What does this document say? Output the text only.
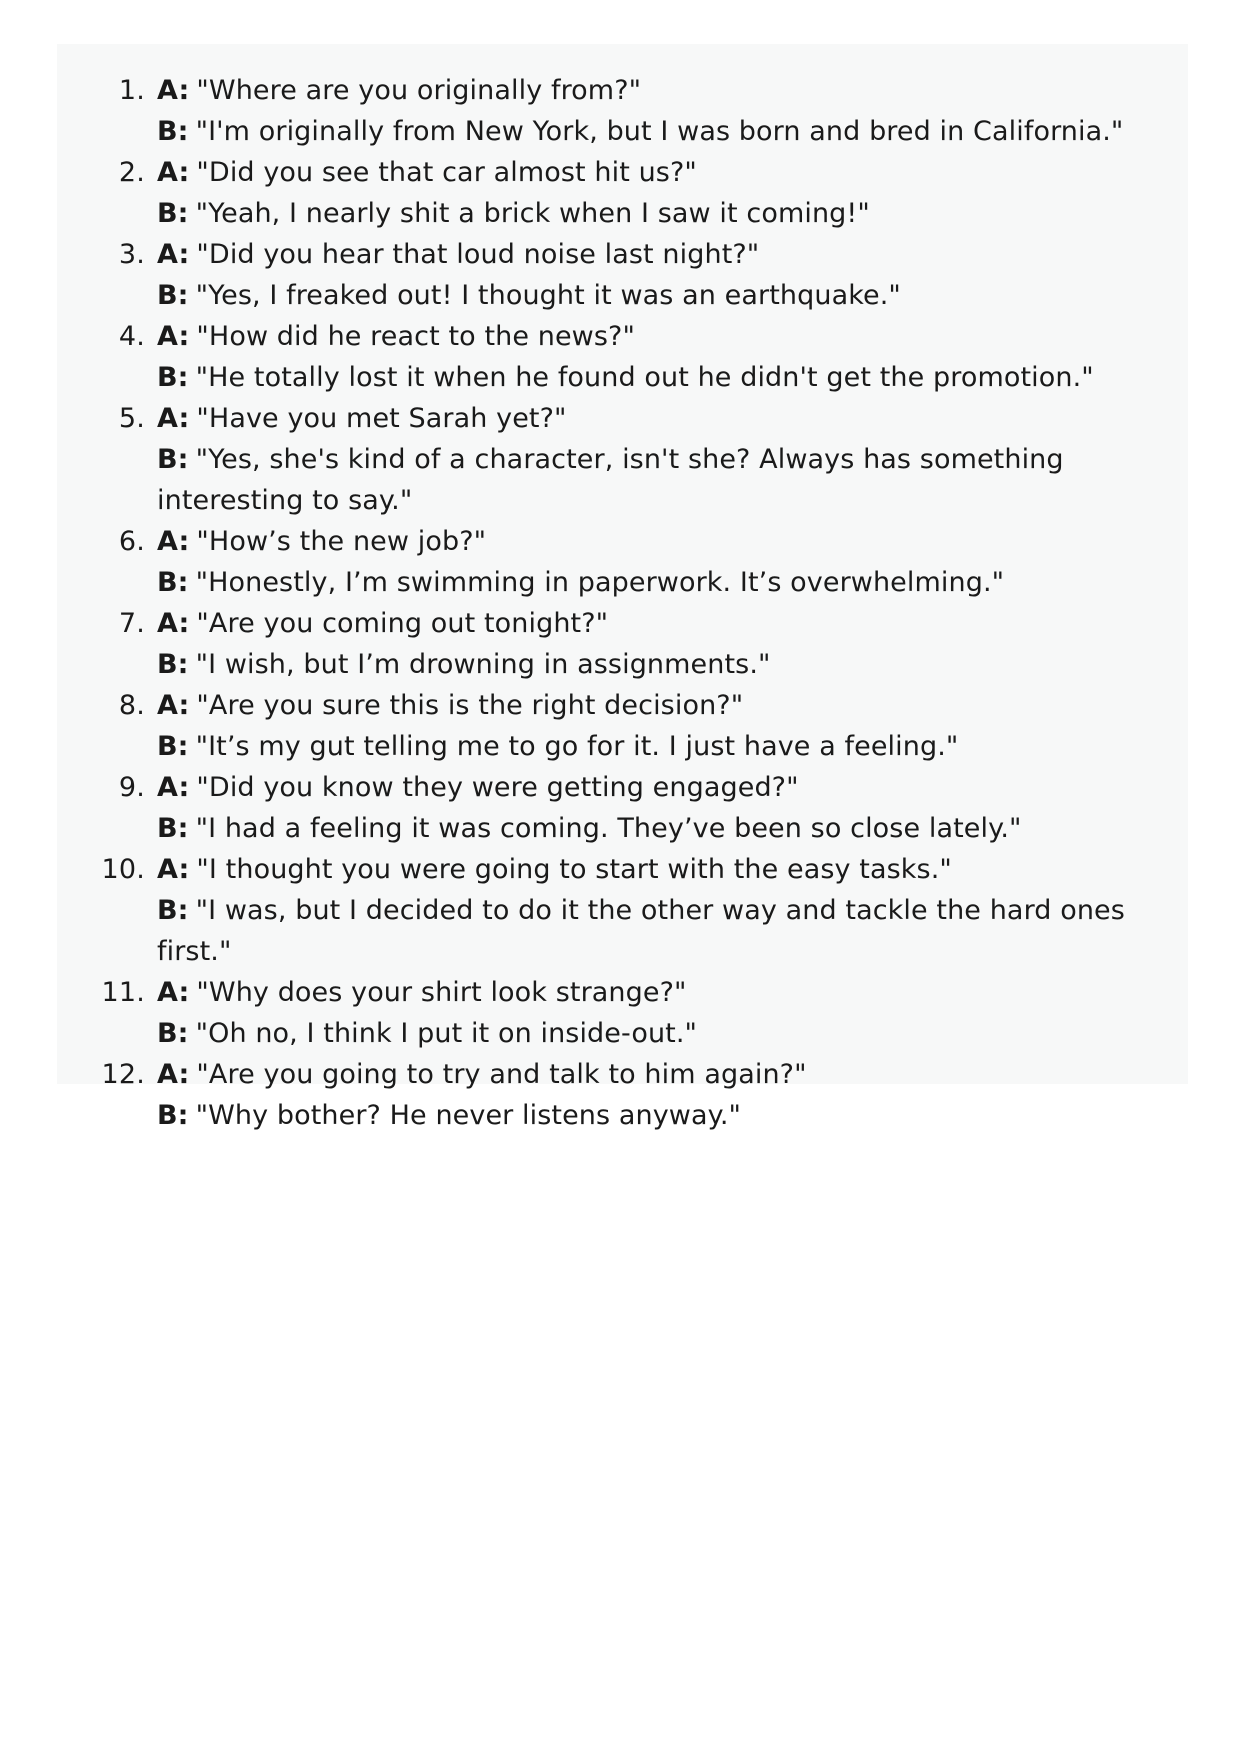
1. A: "Where are you originally from?"
B: "I'm originally from New York, but I was born and bred in California."
2. A: "Did you see that car almost hit us?"
B: "Yeah, I nearly shit a brick when I saw it coming!"
3. A: "Did you hear that loud noise last night?"
B: "Yes, I freaked out! I thought it was an earthquake."
4. A: "How did he react to the news?"
B: "He totally lost it when he found out he didn't get the promotion."
5. A: "Have you met Sarah yet?"
B: "Yes, she's kind of a character, isn't she? Always has something interesting to say."
6. A: "How’s the new job?"
B: "Honestly, I’m swimming in paperwork. It’s overwhelming."
7. A: "Are you coming out tonight?"
B: "I wish, but I’m drowning in assignments."
8. A: "Are you sure this is the right decision?"
B: "It’s my gut telling me to go for it. I just have a feeling."
9. A: "Did you know they were getting engaged?"
B: "I had a feeling it was coming. They’ve been so close lately."
10. A: "I thought you were going to start with the easy tasks."
B: "I was, but I decided to do it the other way and tackle the hard ones first."
11. A: "Why does your shirt look strange?"
B: "Oh no, I think I put it on inside-out."
12. A: "Are you going to try and talk to him again?"
B: "Why bother? He never listens anyway."
